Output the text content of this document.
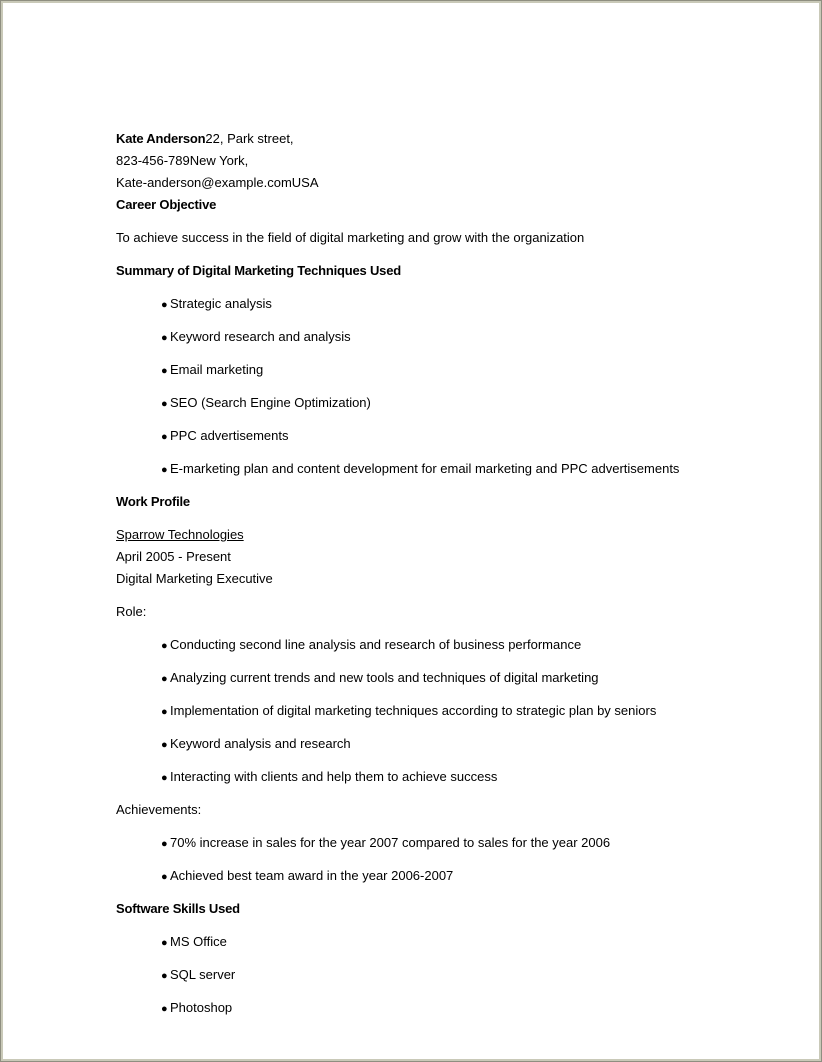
Kate Anderson22, Park street,
823-456-789New York,
Kate-anderson@example.comUSA
Career Objective
To achieve success in the field of digital marketing and grow with the organization
Summary of Digital Marketing Techniques Used
● Strategic analysis
● Keyword research and analysis
● Email marketing
● SEO (Search Engine Optimization)
● PPC advertisements
● E-marketing plan and content development for email marketing and PPC advertisements
Work Profile
Sparrow Technologies
April 2005 - Present
Digital Marketing Executive
Role:
● Conducting second line analysis and research of business performance
● Analyzing current trends and new tools and techniques of digital marketing
● Implementation of digital marketing techniques according to strategic plan by seniors
● Keyword analysis and research
● Interacting with clients and help them to achieve success
Achievements:
● 70% increase in sales for the year 2007 compared to sales for the year 2006
● Achieved best team award in the year 2006-2007
Software Skills Used
● MS Office
● SQL server
● Photoshop
